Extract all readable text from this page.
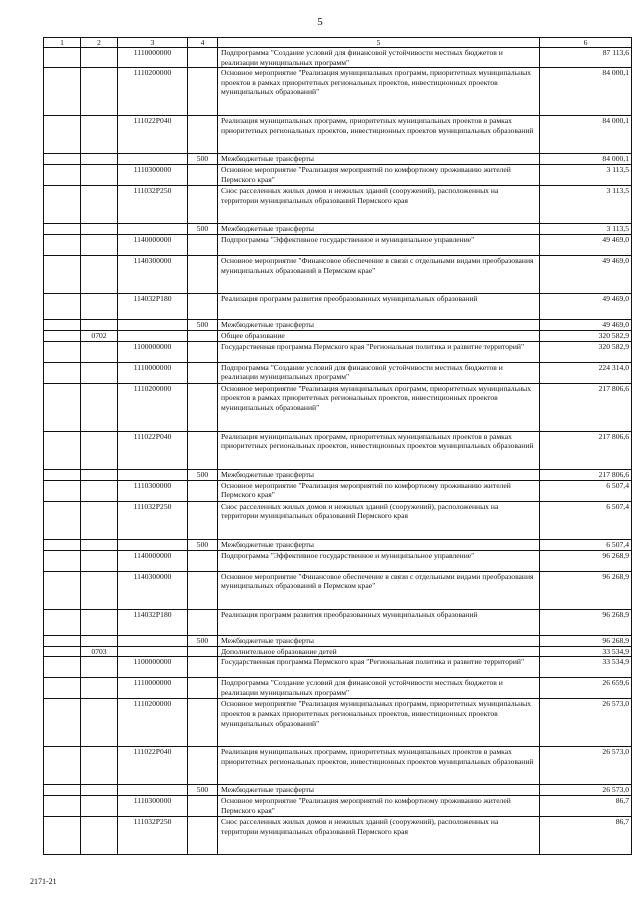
5
1	2	3	4	5	6
		1110000000		Подпрограмма "Создание условий для финансовой устойчивости местных бюджетов и реализации муниципальных программ"	87 113,6
		1110200000		Основное мероприятие "Реализация муниципальных программ, приоритетных муниципальных проектов в рамках приоритетных региональных проектов, инвестиционных проектов муниципальных образований"	84 000,1
		111022P040		Реализация муниципальных программ, приоритетных муниципальных проектов в рамках приоритетных региональных проектов, инвестиционных проектов муниципальных образований	84 000,1
			500	Межбюджетные трансферты	84 000,1
		1110300000		Основное мероприятие "Реализация мероприятий по комфортному проживанию жителей Пермского края"	3 113,5
		111032P250		Снос расселенных жилых домов и нежилых зданий (сооружений), расположенных на территории муниципальных образований Пермского края	3 113,5
			500	Межбюджетные трансферты	3 113,5
		1140000000		Подпрограмма "Эффективное государственное и муниципальное управление"	49 469,0
		1140300000		Основное мероприятие "Финансовое обеспечение в связи с отдельными видами преобразования муниципальных образований в Пермском крае"	49 469,0
		114032P180		Реализация программ развития преобразованных муниципальных образований	49 469,0
			500	Межбюджетные трансферты	49 469,0
	0702			Общее образование	320 582,9
		1100000000		Государственная программа Пермского края "Региональная политика и развитие территорий"	320 582,9
		1110000000		Подпрограмма "Создание условий для финансовой устойчивости местных бюджетов и реализации муниципальных программ"	224 314,0
		1110200000		Основное мероприятие "Реализация муниципальных программ, приоритетных муниципальных проектов в рамках приоритетных региональных проектов, инвестиционных проектов муниципальных образований"	217 806,6
		111022P040		Реализация муниципальных программ, приоритетных муниципальных проектов в рамках приоритетных региональных проектов, инвестиционных проектов муниципальных образований	217 806,6
			500	Межбюджетные трансферты	217 806,6
		1110300000		Основное мероприятие "Реализация мероприятий по комфортному проживанию жителей Пермского края"	6 507,4
		111032P250		Снос расселенных жилых домов и нежилых зданий (сооружений), расположенных на территории муниципальных образований Пермского края	6 507,4
			500	Межбюджетные трансферты	6 507,4
		1140000000		Подпрограмма "Эффективное государственное и муниципальное управление"	96 268,9
		1140300000		Основное мероприятие "Финансовое обеспечение в связи с отдельными видами преобразования муниципальных образований в Пермском крае"	96 268,9
		114032P180		Реализация программ развития преобразованных муниципальных образований	96 268,9
			500	Межбюджетные трансферты	96 268,9
	0703			Дополнительное образование детей	33 534,9
		1100000000		Государственная программа Пермского края "Региональная политика и развитие территорий"	33 534,9
		1110000000		Подпрограмма "Создание условий для финансовой устойчивости местных бюджетов и реализации муниципальных программ"	26 659,6
		1110200000		Основное мероприятие "Реализация муниципальных программ, приоритетных муниципальных проектов в рамках приоритетных региональных проектов, инвестиционных проектов муниципальных образований"	26 573,0
		111022P040		Реализация муниципальных программ, приоритетных муниципальных проектов в рамках приоритетных региональных проектов, инвестиционных проектов муниципальных образований	26 573,0
			500	Межбюджетные трансферты	26 573,0
		1110300000		Основное мероприятие "Реализация мероприятий по комфортному проживанию жителей Пермского края"	86,7
		111032P250		Снос расселенных жилых домов и нежилых зданий (сооружений), расположенных на территории муниципальных образований Пермского края	86,7
2171-21
